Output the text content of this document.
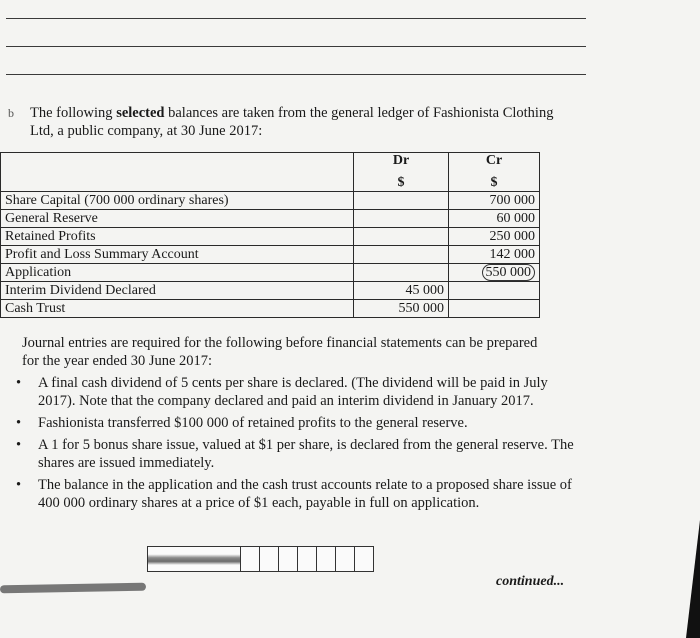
b The following selected balances are taken from the general ledger of Fashionista Clothing
Ltd, a public company, at 30 June 2017:
	Dr	Cr
	$	$
Share Capital (700 000 ordinary shares)		700 000
General Reserve		60 000
Retained Profits		250 000
Profit and Loss Summary Account		142 000
Application		550 000
Interim Dividend Declared	45 000	
Cash Trust	550 000	
Journal entries are required for the following before financial statements can be prepared
for the year ended 30 June 2017:
• A final cash dividend of 5 cents per share is declared. (The dividend will be paid in July 2017). Note that the company declared and paid an interim dividend in January 2017.
• Fashionista transferred $100 000 of retained profits to the general reserve.
• A 1 for 5 bonus share issue, valued at $1 per share, is declared from the general reserve. The shares are issued immediately.
• The balance in the application and the cash trust accounts relate to a proposed share issue of 400 000 ordinary shares at a price of $1 each, payable in full on application.
continued...
